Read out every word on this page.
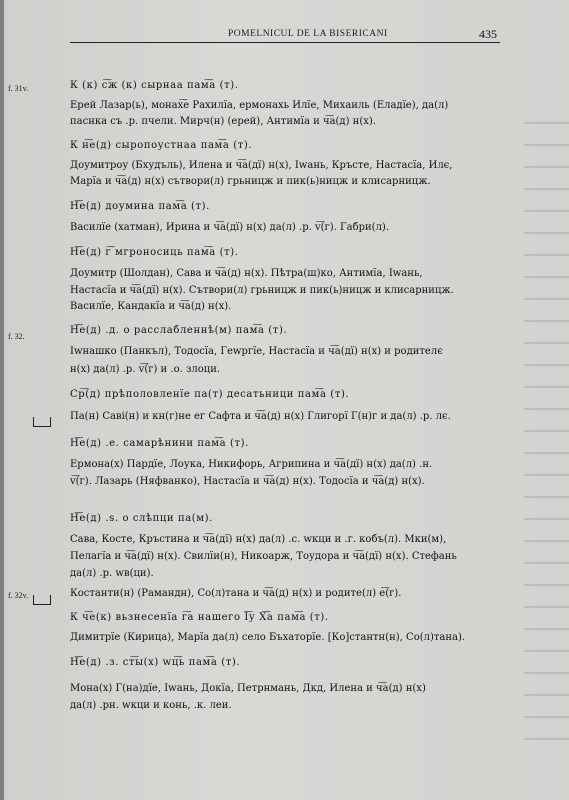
POMELNICUL DE LA BISERICANI	435
f. 31v.
f. 32.
f. 32v.
К (к) с͠ж (к) сырнаа пам͠а (т).
Ерей Лазар(ь), монах͠е Рахилїа, ермонахь Илїе, Михаиль (Еладїе), да(л)
паснка съ .р. пчели. Мирч(н) (ерей), Антимїа и ч͠а(д) н(х).
К н͠е(д) сыропоустнаа пам͠а (т).
Доумитроу (Бхудъль), Илена и ч͠а(дї) н(х), Іwань, Кръсте, Настасїа, Илє,
Марїа и ч͠а(д) н(х) сътвори(л) грьницж и пик(ь)ницж и клисарницж.
Н͠е(д) доумина пам͠а (т).
Василїе (хатман), Ирина и ч͠а(дї) н(х) да(л) .р. v͠(г). Габри(л).
Н͠е(д) г͠ мгроносиць пам͠а (т).
Доумитр (Шолдан), Сава и ч͠а(д) н(х). Пѣтра(ш)ко, Антимїа, Іwань,
Настасїа и ч͠а(дї) н(х). Сътвори(л) грьницж и пик(ь)ницж и клисарницж.
Василїе, Кандакїа и ч͠а(д) н(х).
Н͠е(д) .д. о расслабленнѣ(м) пам͠а (т).
Іwнашко (Панкъл), Тодосїа, Геwргїе, Настасїа и ч͠а(дї) н(х) и родителє
н(х) да(л) .р. v͠(г) и .о. злоци.
Ср͠(д) прѣполовленїе па(т) десатьници пам͠а (т).
Па(н) Саві(н) и кн(г)не ег Сафта и ч͠а(д) н(х) Глигорї Г(н)г и да(л) .р. лє.
Н͠е(д) .е. самарѣнини пам͠а (т).
Ермона(х) Пардїе, Лоука, Никифорь, Агрипина и ч͠а(дї) н(х) да(л) .н.
v͠(г). Лазарь (Няфванко), Настасїа и ч͠а(д) н(х). Тодосїа и ч͠а(д) н(х).
Н͠е(д) .ѕ. о слѣпци па(м).
Сава, Косте, Кръстина и ч͠а(дї) н(х) да(л) .с. wкци и .г. кобъ(л). Мки(м),
Пелагїа и ч͠а(дї) н(х). Свилїи(н), Никоарж, Тоудора и ч͠а(дї) н(х). Стефань
да(л) .р. wв(ци).
Костанти(н) (Рамандн), Со(л)тана и ч͠а(д) н(х) и родите(л) е͠(г).
К ч͠е(к) вьзнесенїа г͠а нашего І͠у Х͠а пам͠а (т).
Димитрїе (Кирица), Марїа да(л) село Бъхаторїе. [Ко]стантн(н), Со(л)тана).
Н͠е(д) .з. ст͠ы(х) wц͠ь пам͠а (т).
Мона(х) Г(на)дїе, Іwань, Докїа, Петрнмань, Дкд, Илена и ч͠а(д) н(х)
да(л) .рн. wкци и конь, .к. леи.
